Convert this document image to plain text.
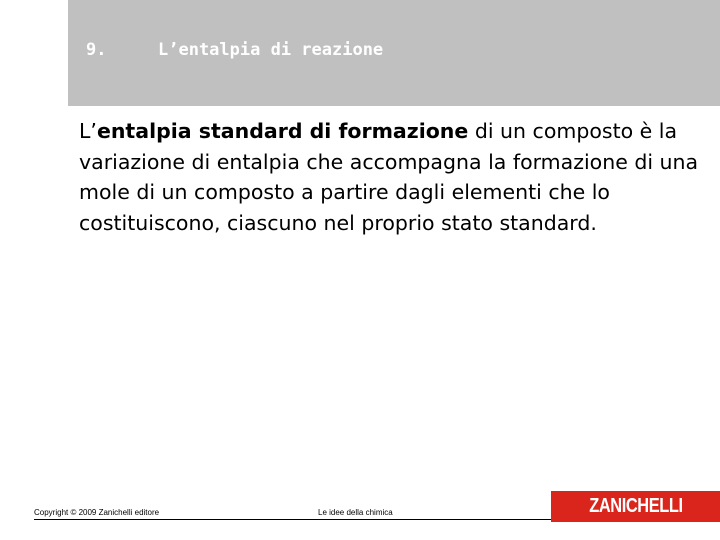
9.	L’entalpia di reazione

L’entalpia standard di formazione di un composto è la variazione di entalpia che accompagna la formazione di una mole di un composto a partire dagli elementi che lo costituiscono, ciascuno nel proprio stato standard.

Copyright © 2009 Zanichelli editore	Le idee della chimica	ZANICHELLI
